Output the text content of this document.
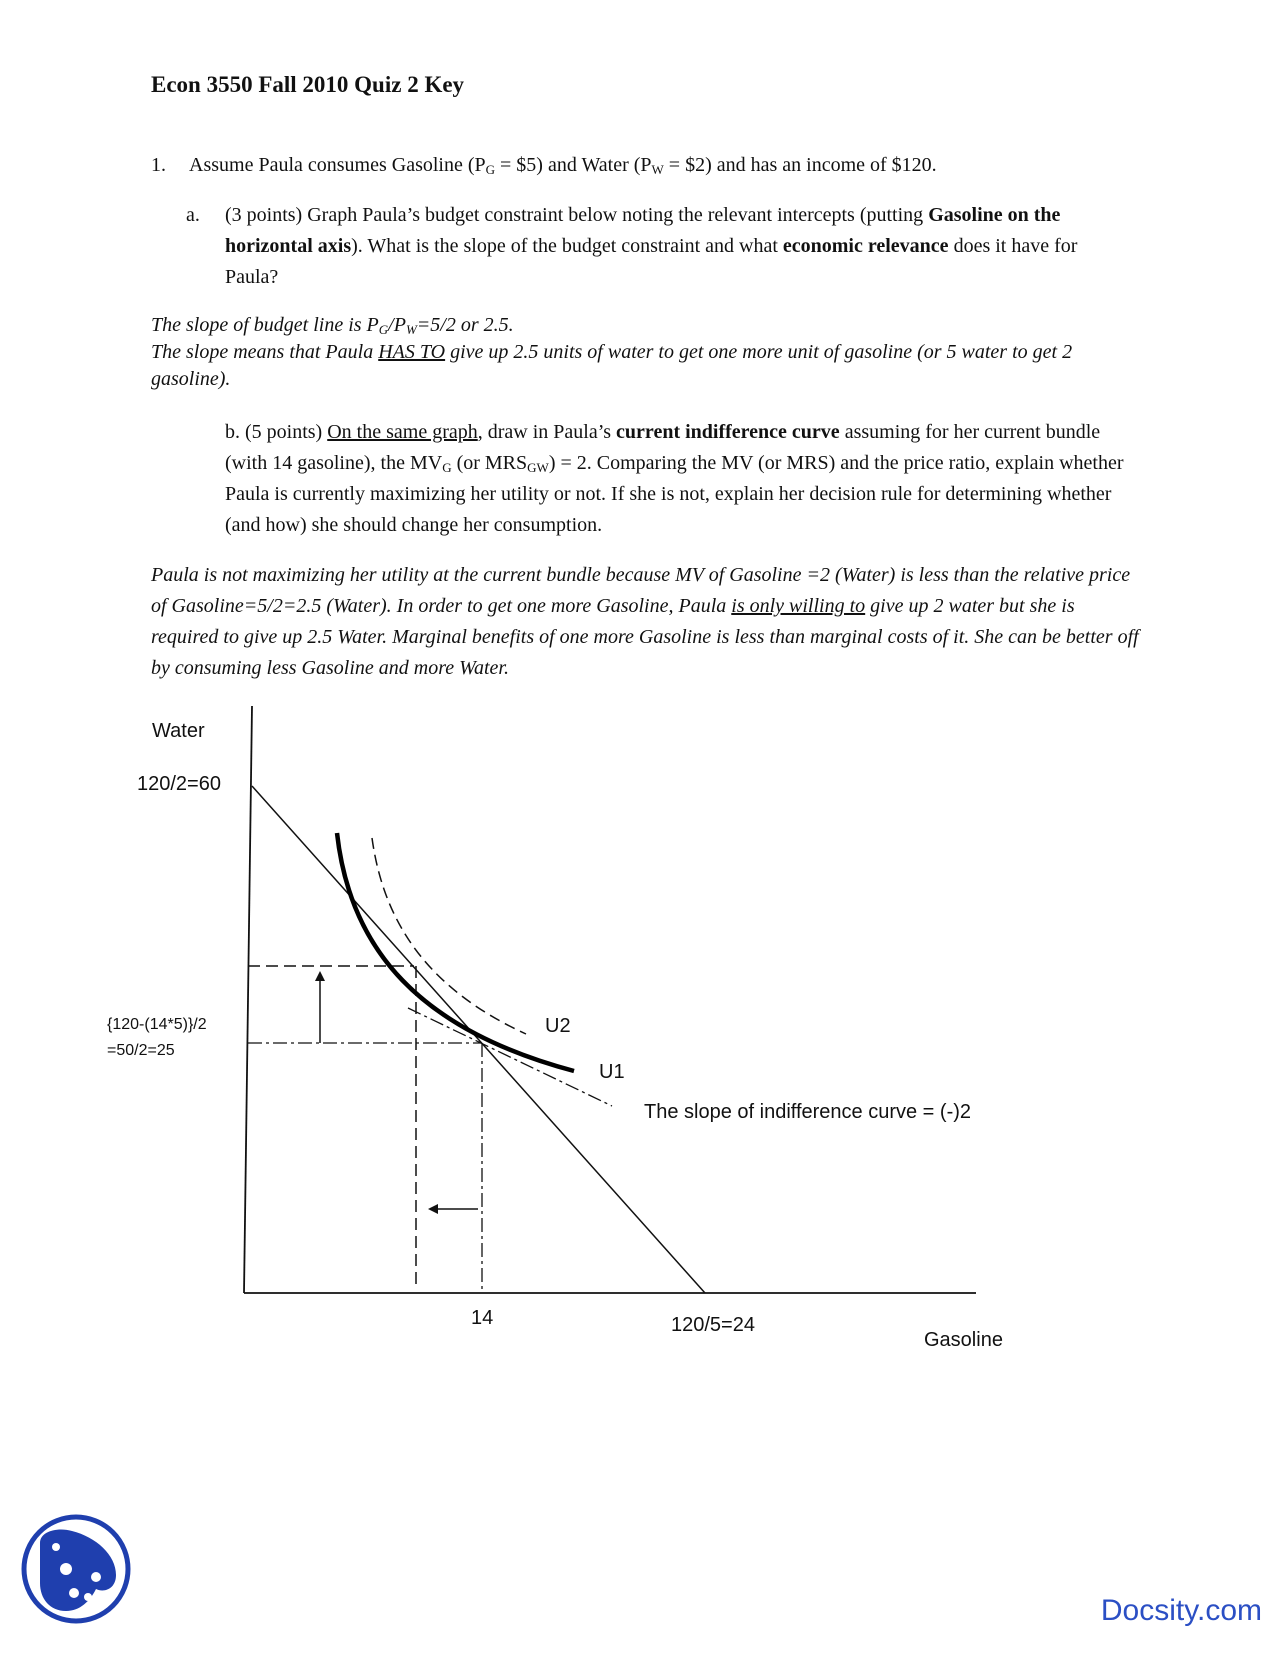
Econ 3550 Fall 2010 Quiz 2 Key
1. Assume Paula consumes Gasoline ($P_G$ = $5) and Water ($P_W$ = $2) and has an income of $120.
a. (3 points) Graph Paula’s budget constraint below noting the relevant intercepts (putting Gasoline on the horizontal axis). What is the slope of the budget constraint and what economic relevance does it have for Paula?
The slope of budget line is $P_G/P_W=5/2$ or 2.5.
The slope means that Paula HAS TO give up 2.5 units of water to get one more unit of gasoline (or 5 water to get 2 gasoline).
b. (5 points) On the same graph, draw in Paula’s current indifference curve assuming for her current bundle (with 14 gasoline), the $MV_G$ (or $MRS_{GW}) = 2$. Comparing the MV (or MRS) and the price ratio, explain whether Paula is currently maximizing her utility or not. If she is not, explain her decision rule for determining whether (and how) she should change her consumption.
Paula is not maximizing her utility at the current bundle because MV of Gasoline =2 (Water) is less than the relative price of Gasoline=5/2=2.5 (Water). In order to get one more Gasoline, Paula is only willing to give up 2 water but she is required to give up 2.5 Water. Marginal benefits of one more Gasoline is less than marginal costs of it. She can be better off by consuming less Gasoline and more Water.
Water
120/2=60
{120-(14*5)}/2
=50/2=25
U2
U1
The slope of indifference curve = (-)2
14	120/5=24
Gasoline
Docsity.com
